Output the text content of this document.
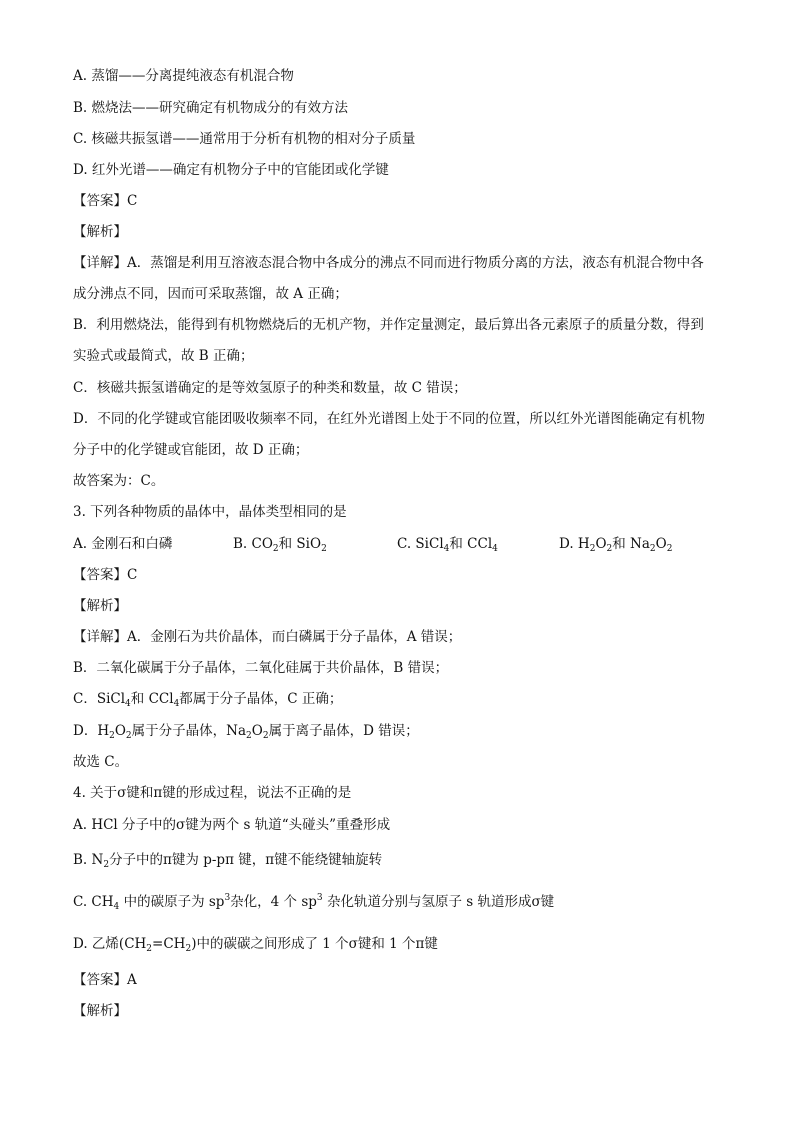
A. 蒸馏——分离提纯液态有机混合物
B. 燃烧法——研究确定有机物成分的有效方法
C. 核磁共振氢谱——通常用于分析有机物的相对分子质量
D. 红外光谱——确定有机物分子中的官能团或化学键
【答案】C
【解析】
【详解】A．蒸馏是利用互溶液态混合物中各成分的沸点不同而进行物质分离的方法，液态有机混合物中各
成分沸点不同，因而可采取蒸馏，故 A 正确；
B．利用燃烧法，能得到有机物燃烧后的无机产物，并作定量测定，最后算出各元素原子的质量分数，得到
实验式或最简式，故 B 正确；
C．核磁共振氢谱确定的是等效氢原子的种类和数量，故 C 错误；
D．不同的化学键或官能团吸收频率不同，在红外光谱图上处于不同的位置，所以红外光谱图能确定有机物
分子中的化学键或官能团，故 D 正确；
故答案为：C。
3. 下列各种物质的晶体中，晶体类型相同的是
A. 金刚石和白磷	B. $CO_2$和 SiO$_2$	C. SiCl$_4$和 CCl$_4$	D. $H_2O_2$和 $Na_2O_2$
【答案】C
【解析】
【详解】A．金刚石为共价晶体，而白磷属于分子晶体，A 错误；
B．二氧化碳属于分子晶体，二氧化硅属于共价晶体，B 错误；
C．SiCl$_4$和 CCl$_4$都属于分子晶体，C 正确；
D．$H_2O_2$属于分子晶体，$Na_2O_2$属于离子晶体，D 错误；
故选 C。
4. 关于σ键和π键的形成过程，说法不正确的是
A. HCl 分子中的σ键为两个 s 轨道“头碰头”重叠形成
B. $N_2$分子中的π键为 p-pπ 键，π键不能绕键轴旋转
C. $CH_4$ 中的碳原子为 $sp^3$杂化，4 个 $sp^3$ 杂化轨道分别与氢原子 s 轨道形成σ键
D. 乙烯$(CH_2=CH_2)$中的碳碳之间形成了 1 个σ键和 1 个π键
【答案】A
【解析】
